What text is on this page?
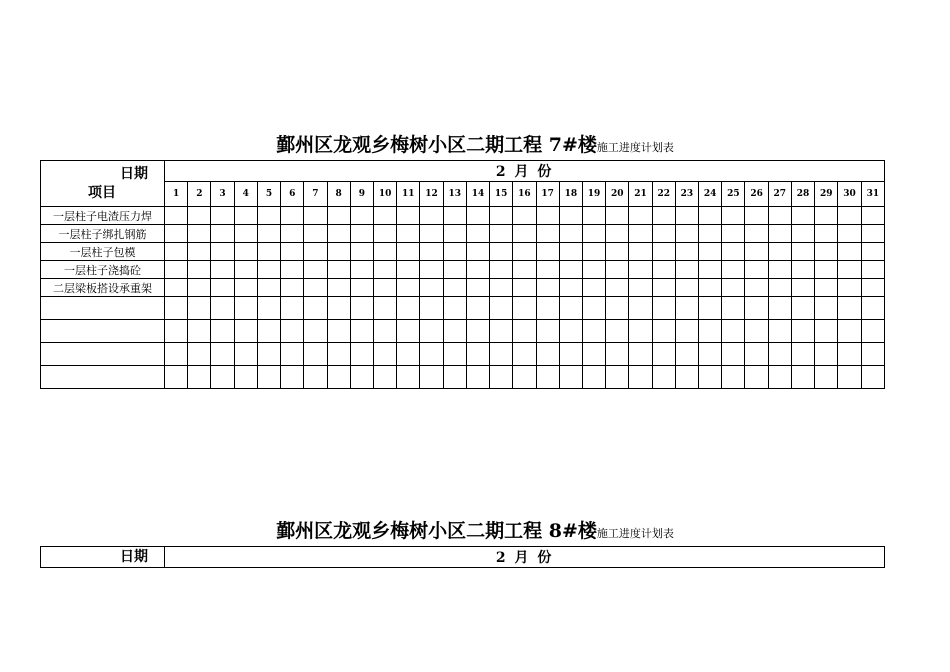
鄞州区龙观乡梅树小区二期工程 7#楼施工进度计划表
日期
项目	2 月 份																														
	1	2	3	4	5	6	7	8	9	10	11	12	13	14	15	16	17	18	19	20	21	22	23	24	25	26	27	28	29	30	31
一层柱子电渣压力焊																															
一层柱子绑扎钢筋																															
一层柱子包模																															
一层柱子浇捣砼																															
二层梁板搭设承重架																															

鄞州区龙观乡梅树小区二期工程 8#楼施工进度计划表
日期	2 月 份
